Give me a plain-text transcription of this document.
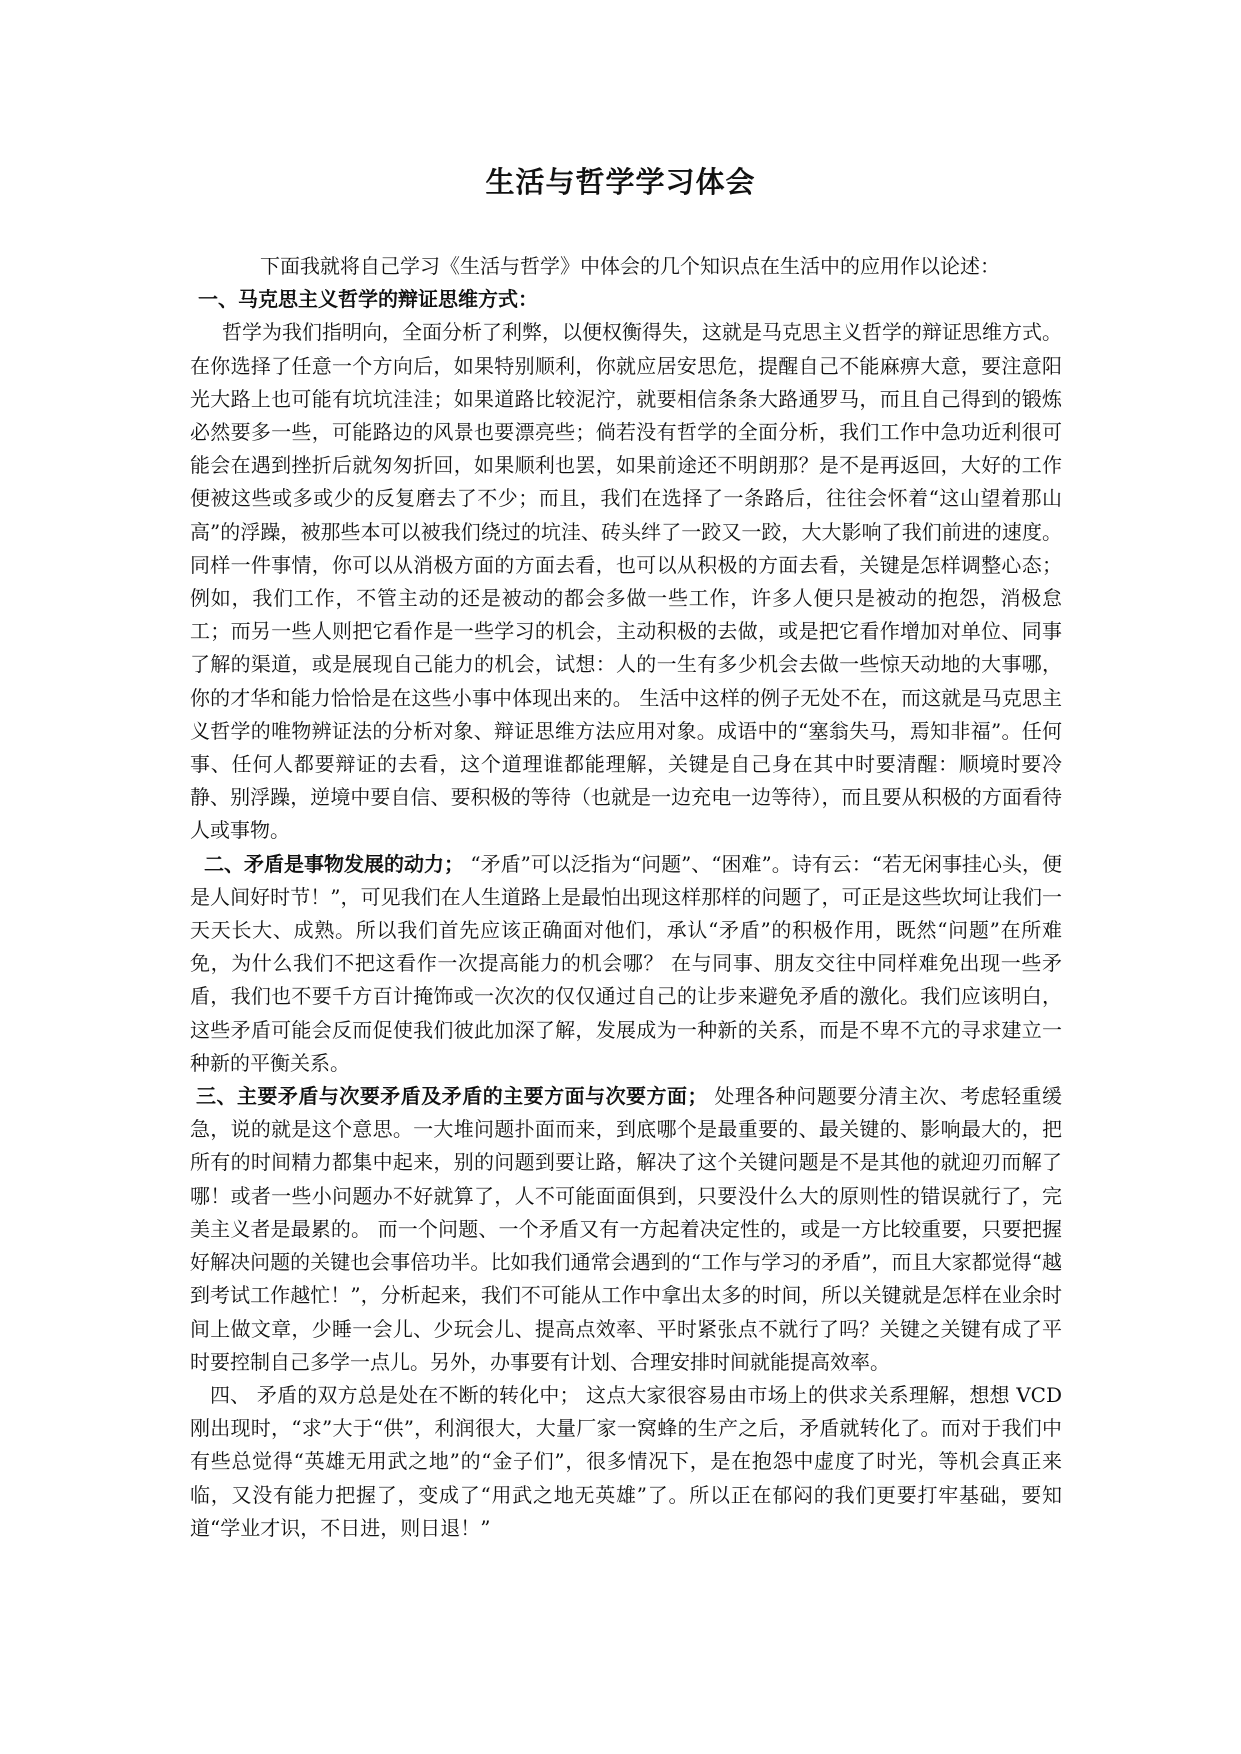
生活与哲学学习体会

下面我就将自己学习《生活与哲学》中体会的几个知识点在生活中的应用作以论述：

一、马克思主义哲学的辩证思维方式：

哲学为我们指明向，全面分析了利弊，以便权衡得失，这就是马克思主义哲学的辩证思维方式。在你选择了任意一个方向后，如果特别顺利，你就应居安思危，提醒自己不能麻痹大意，要注意阳光大路上也可能有坑坑洼洼；如果道路比较泥泞，就要相信条条大路通罗马，而且自己得到的锻炼必然要多一些，可能路边的风景也要漂亮些；倘若没有哲学的全面分析，我们工作中急功近利很可能会在遇到挫折后就匆匆折回，如果顺利也罢，如果前途还不明朗那？是不是再返回，大好的工作便被这些或多或少的反复磨去了不少；而且，我们在选择了一条路后，往往会怀着“这山望着那山高”的浮躁，被那些本可以被我们绕过的坑洼、砖头绊了一跤又一跤，大大影响了我们前进的速度。 同样一件事情，你可以从消极方面的方面去看，也可以从积极的方面去看，关键是怎样调整心态；例如，我们工作，不管主动的还是被动的都会多做一些工作，许多人便只是被动的抱怨，消极怠工；而另一些人则把它看作是一些学习的机会，主动积极的去做，或是把它看作增加对单位、同事了解的渠道，或是展现自己能力的机会，试想：人的一生有多少机会去做一些惊天动地的大事哪，你的才华和能力恰恰是在这些小事中体现出来的。 生活中这样的例子无处不在，而这就是马克思主义哲学的唯物辨证法的分析对象、辩证思维方法应用对象。成语中的“塞翁失马，焉知非福”。任何事、任何人都要辩证的去看，这个道理谁都能理解，关键是自己身在其中时要清醒：顺境时要冷静、别浮躁，逆境中要自信、要积极的等待（也就是一边充电一边等待），而且要从积极的方面看待人或事物。

二、矛盾是事物发展的动力； “矛盾”可以泛指为“问题”、“困难”。诗有云：“若无闲事挂心头，便是人间好时节！”，可见我们在人生道路上是最怕出现这样那样的问题了，可正是这些坎坷让我们一天天长大、成熟。所以我们首先应该正确面对他们，承认“矛盾”的积极作用，既然“问题”在所难免，为什么我们不把这看作一次提高能力的机会哪？ 在与同事、朋友交往中同样难免出现一些矛盾，我们也不要千方百计掩饰或一次次的仅仅通过自己的让步来避免矛盾的激化。我们应该明白，这些矛盾可能会反而促使我们彼此加深了解，发展成为一种新的关系，而是不卑不亢的寻求建立一种新的平衡关系。

三、主要矛盾与次要矛盾及矛盾的主要方面与次要方面； 处理各种问题要分清主次、考虑轻重缓急，说的就是这个意思。一大堆问题扑面而来，到底哪个是最重要的、最关键的、影响最大的，把所有的时间精力都集中起来，别的问题到要让路，解决了这个关键问题是不是其他的就迎刃而解了哪！或者一些小问题办不好就算了，人不可能面面俱到，只要没什么大的原则性的错误就行了，完美主义者是最累的。 而一个问题、一个矛盾又有一方起着决定性的，或是一方比较重要，只要把握好解决问题的关键也会事倍功半。比如我们通常会遇到的“工作与学习的矛盾”，而且大家都觉得“越到考试工作越忙！”，分析起来，我们不可能从工作中拿出太多的时间，所以关键就是怎样在业余时间上做文章，少睡一会儿、少玩会儿、提高点效率、平时紧张点不就行了吗？关键之关键有成了平时要控制自己多学一点儿。另外，办事要有计划、合理安排时间就能提高效率。

四、 矛盾的双方总是处在不断的转化中； 这点大家很容易由市场上的供求关系理解，想想 VCD 刚出现时，“求”大于“供”，利润很大，大量厂家一窝蜂的生产之后，矛盾就转化了。而对于我们中有些总觉得“英雄无用武之地”的“金子们”，很多情况下，是在抱怨中虚度了时光，等机会真正来临，又没有能力把握了，变成了“用武之地无英雄”了。所以正在郁闷的我们更要打牢基础，要知道“学业才识，不日进，则日退！”
